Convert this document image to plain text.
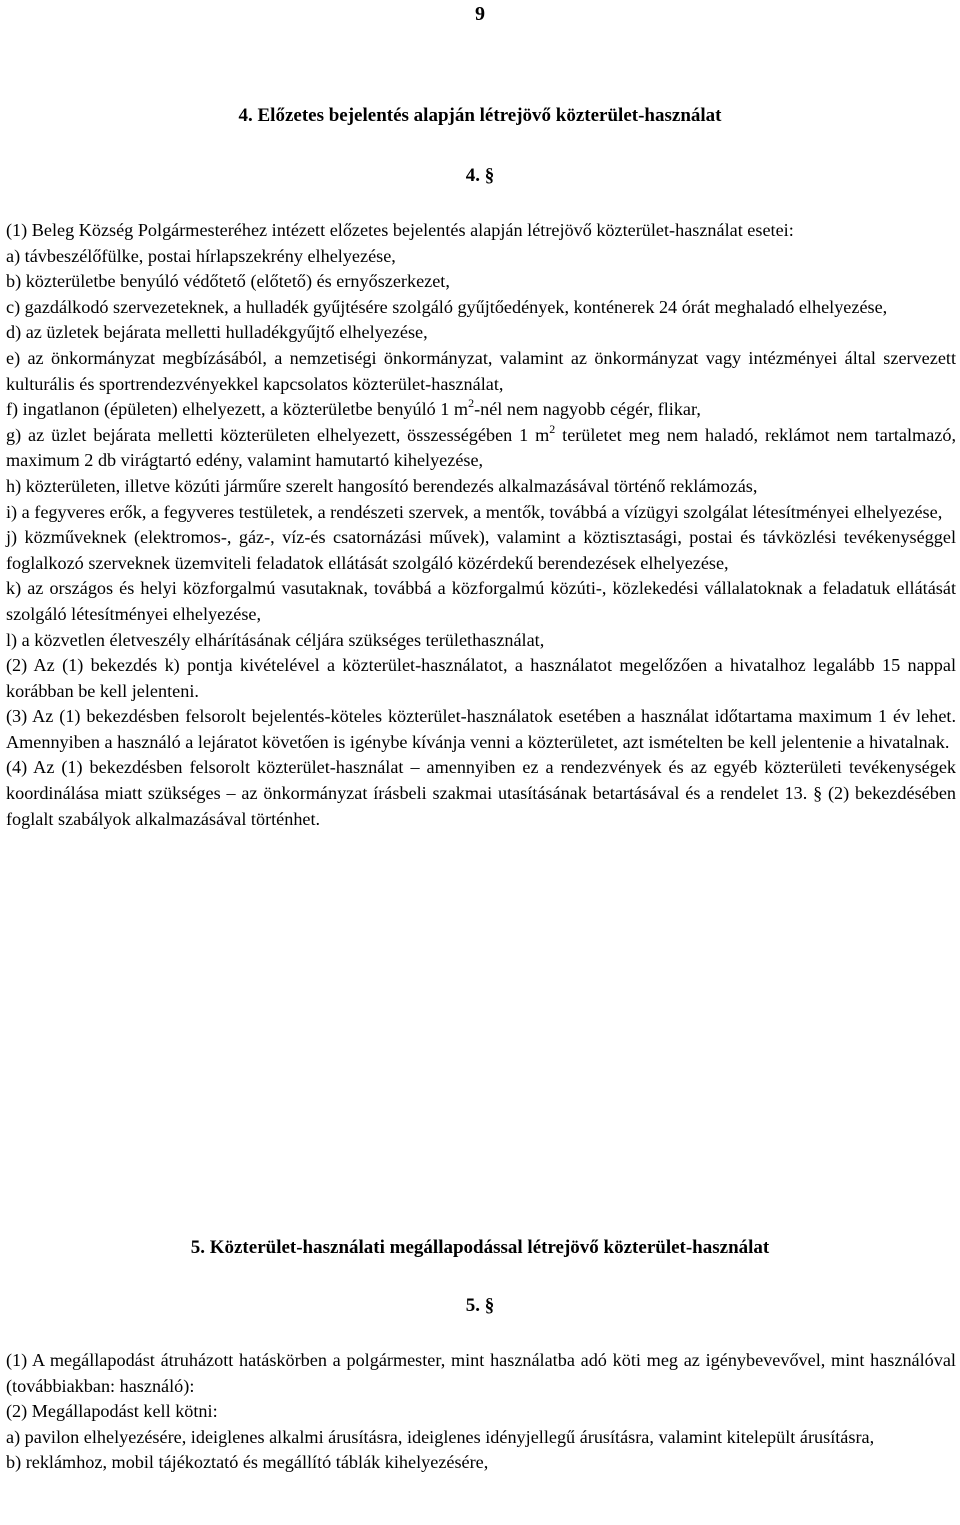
9
4. Előzetes bejelentés alapján létrejövő közterület-használat
4. §

(1) Beleg Község Polgármesteréhez intézett előzetes bejelentés alapján létrejövő közterület-használat esetei:

a) távbeszélőfülke, postai hírlapszekrény elhelyezése,

b) közterületbe benyúló védőtető (előtető) és ernyőszerkezet,

c) gazdálkodó szervezeteknek, a hulladék gyűjtésére szolgáló gyűjtőedények, konténerek 24 órát meghaladó elhelyezése,

d) az üzletek bejárata melletti hulladékgyűjtő elhelyezése,

e) az önkormányzat megbízásából, a nemzetiségi önkormányzat, valamint az önkormányzat vagy intézményei által szervezett kulturális és sportrendezvényekkel kapcsolatos közterület-használat,

f) ingatlanon (épületen) elhelyezett, a közterületbe benyúló 1 $m^2$-nél nem nagyobb cégér, flikar,

g) az üzlet bejárata melletti közterületen elhelyezett, összességében 1 $m^2$ területet meg nem haladó, reklámot nem tartalmazó, maximum 2 db virágtartó edény, valamint hamutartó kihelyezése,

h) közterületen, illetve közúti járműre szerelt hangosító berendezés alkalmazásával történő reklámozás,

i) a fegyveres erők, a fegyveres testületek, a rendészeti szervek, a mentők, továbbá a vízügyi szolgálat létesítményei elhelyezése,

j) közműveknek (elektromos-, gáz-, víz-és csatornázási művek), valamint a köztisztasági, postai és távközlési tevékenységgel foglalkozó szerveknek üzemviteli feladatok ellátását szolgáló közérdekű berendezések elhelyezése,

k) az országos és helyi közforgalmú vasutaknak, továbbá a közforgalmú közúti-, közlekedési vállalatoknak a feladatuk ellátását szolgáló létesítményei elhelyezése,

l) a közvetlen életveszély elhárításának céljára szükséges területhasználat,

(2) Az (1) bekezdés k) pontja kivételével a közterület-használatot, a használatot megelőzően a hivatalhoz legalább 15 nappal korábban be kell jelenteni.

(3) Az (1) bekezdésben felsorolt bejelentés-köteles közterület-használatok esetében a használat időtartama maximum 1 év lehet. Amennyiben a használó a lejáratot követően is igénybe kívánja venni a közterületet, azt ismételten be kell jelentenie a hivatalnak.

(4) Az (1) bekezdésben felsorolt közterület-használat – amennyiben ez a rendezvények és az egyéb közterületi tevékenységek koordinálása miatt szükséges – az önkormányzat írásbeli szakmai utasításának betartásával és a rendelet 13. § (2) bekezdésében foglalt szabályok alkalmazásával történhet.

5. Közterület-használati megállapodással létrejövő közterület-használat
5. §

(1) A megállapodást átruházott hatáskörben a polgármester, mint használatba adó köti meg az igénybevevővel, mint használóval (továbbiakban: használó):

(2) Megállapodást kell kötni:

a) pavilon elhelyezésére, ideiglenes alkalmi árusításra, ideiglenes idényjellegű árusításra, valamint kitelepült árusításra,

b) reklámhoz, mobil tájékoztató és megállító táblák kihelyezésére,
